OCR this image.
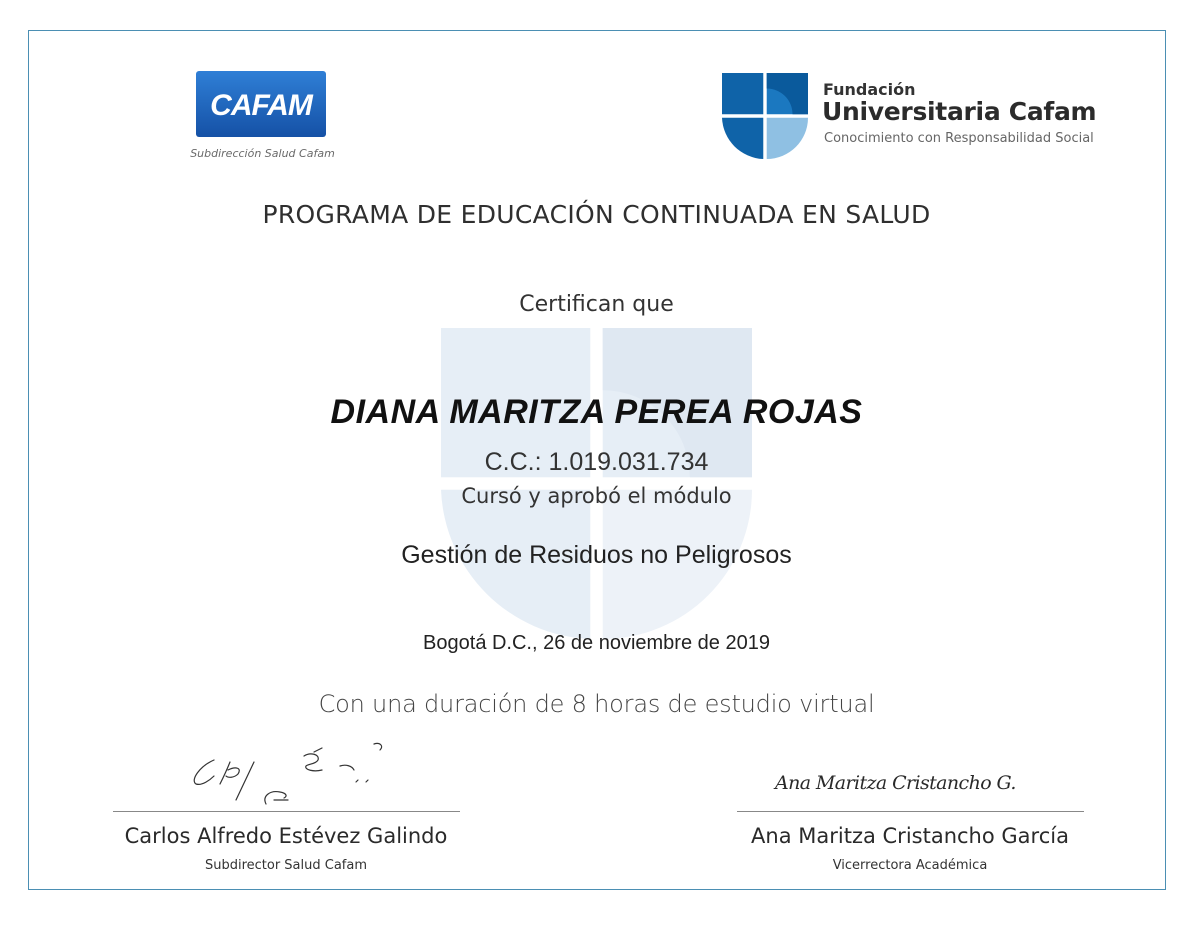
CAFAM
Subdirección Salud Cafam
Fundación
Universitaria Cafam
Conocimiento con Responsabilidad Social
PROGRAMA DE EDUCACIÓN CONTINUADA EN SALUD
Certifican que
DIANA MARITZA PEREA ROJAS
C.C.: 1.019.031.734
Cursó y aprobó el módulo
Gestión de Residuos no Peligrosos
Bogotá D.C., 26 de noviembre de 2019
Con una duración de 8 horas de estudio virtual
Carlos Alfredo Estévez Galindo
Subdirector Salud Cafam
Ana Maritza Cristancho G.
Ana Maritza Cristancho García
Vicerrectora Académica
